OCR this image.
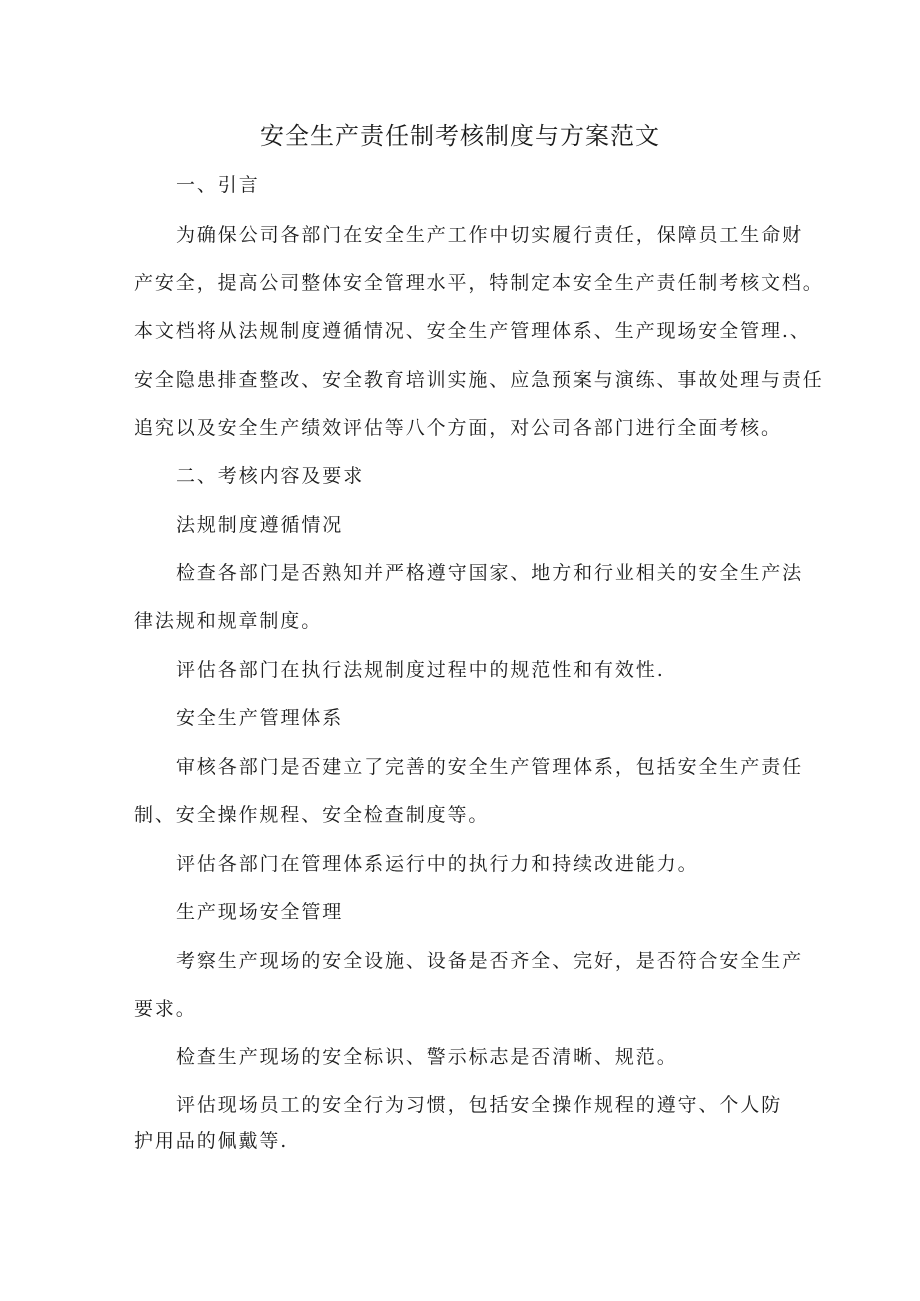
安全生产责任制考核制度与方案范文
一、引言
为确保公司各部门在安全生产工作中切实履行责任，保障员工生命财
产安全，提高公司整体安全管理水平，特制定本安全生产责任制考核文档。
本文档将从法规制度遵循情况、安全生产管理体系、生产现场安全管理.、
安全隐患排查整改、安全教育培训实施、应急预案与演练、事故处理与责任
追究以及安全生产绩效评估等八个方面，对公司各部门进行全面考核。
二、考核内容及要求
法规制度遵循情况
检查各部门是否熟知并严格遵守国家、地方和行业相关的安全生产法
律法规和规章制度。
评估各部门在执行法规制度过程中的规范性和有效性.
安全生产管理体系
审核各部门是否建立了完善的安全生产管理体系，包括安全生产责任
制、安全操作规程、安全检查制度等。
评估各部门在管理体系运行中的执行力和持续改进能力。
生产现场安全管理
考察生产现场的安全设施、设备是否齐全、完好，是否符合安全生产
要求。
检查生产现场的安全标识、警示标志是否清晰、规范。
评估现场员工的安全行为习惯，包括安全操作规程的遵守、个人防
护用品的佩戴等.
